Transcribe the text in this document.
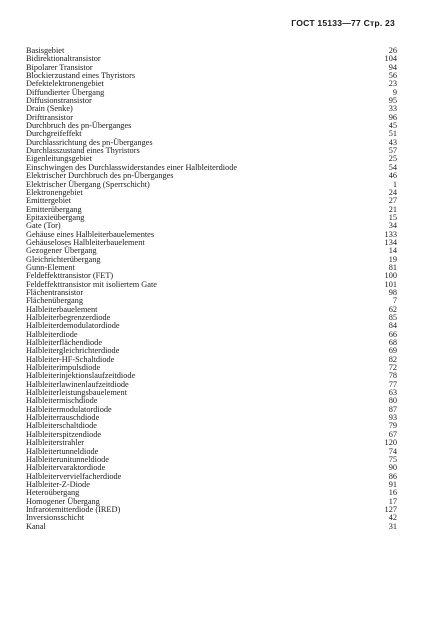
ГОСТ 15133—77 Стр. 23
Basisgebiet	26
Bidirektionaltransistor	104
Bipolarer Transistor	94
Blockierzustand eines Thyristors	56
Defektelektronengebiet	23
Diffundierter Übergang	9
Diffusionstransistor	95
Drain (Senke)	33
Drifttransistor	96
Durchbruch des pn-Überganges	45
Durchgreifeffekt	51
Durchlassrichtung des pn-Überganges	43
Durchlasszustand eines Thyristors	57
Eigenleitungsgebiet	25
Einschwingen des Durchlasswiderstandes einer Halbleiterdiode	54
Elektrischer Durchbruch des pn-Überganges	46
Elektrischer Übergang (Sperrschicht)	1
Elektronengebiet	24
Emittergebiet	27
Emitterübergang	21
Epitaxieübergang	15
Gate (Tor)	34
Gehäuse eines Halbleiterbauelementes	133
Gehäuseloses Halbleiterbauelement	134
Gezogener Übergang	14
Gleichrichterübergang	19
Gunn-Element	81
Feldeffekttransistor (FET)	100
Feldeffekttransistor mit isoliertem Gate	101
Flächentransistor	98
Flächenübergang	7
Halbleiterbauelement	62
Halbleiterbegrenzerdiode	85
Halbleiterdemodulatordiode	84
Halbleiterdiode	66
Halbleiterflächendiode	68
Halbleitergleichrichterdiode	69
Halbleiter-HF-Schaltdiode	82
Halbleiterimpulsdiode	72
Halbleiterinjektionslaufzeitdiode	78
Halbleiterlawinenlaufzeitdiode	77
Halbleiterleistungsbauelement	63
Halbleitermischdiode	80
Halbleitermodulatordiode	87
Halbleiterrauschdiode	93
Halbleiterschaltdiode	79
Halbleiterspitzendiode	67
Halbleiterstrahler	120
Halbleitertunneldiode	74
Halbleiterunitunneldiode	75
Halbleitervaraktordiode	90
Halbleitervervielfacherdiode	86
Halbleiter-Z-Diode	91
Heteroübergang	16
Homogener Übergang	17
Infrarotemitterdiode (IRED)	127
Inversionsschicht	42
Kanal	31
